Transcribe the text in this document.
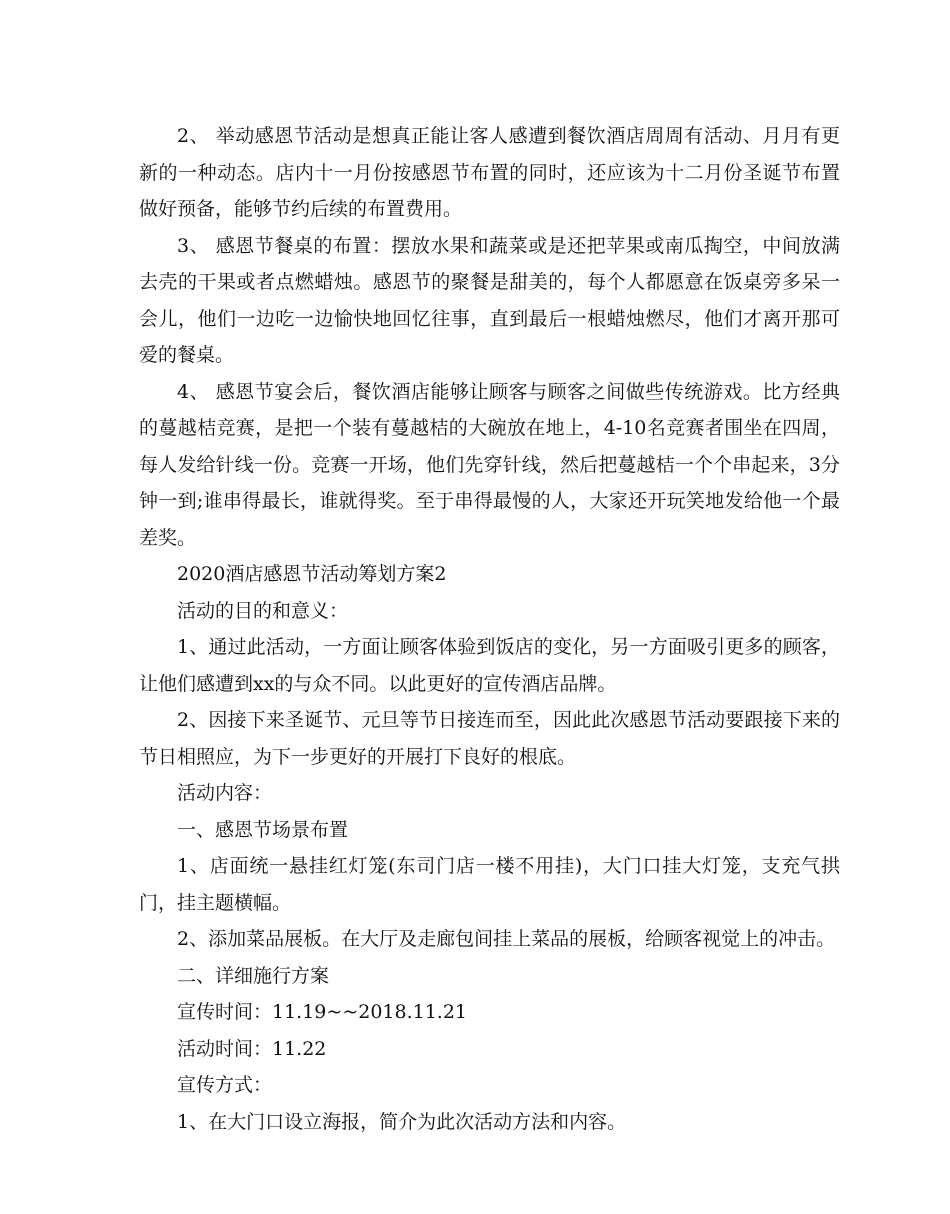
2、 举动感恩节活动是想真正能让客人感遭到餐饮酒店周周有活动、月月有更新的一种动态。店内十一月份按感恩节布置的同时，还应该为十二月份圣诞节布置做好预备，能够节约后续的布置费用。

3、 感恩节餐桌的布置：摆放水果和蔬菜或是还把苹果或南瓜掏空，中间放满去壳的干果或者点燃蜡烛。感恩节的聚餐是甜美的，每个人都愿意在饭桌旁多呆一会儿，他们一边吃一边愉快地回忆往事，直到最后一根蜡烛燃尽，他们才离开那可爱的餐桌。

4、 感恩节宴会后，餐饮酒店能够让顾客与顾客之间做些传统游戏。比方经典的蔓越桔竞赛，是把一个装有蔓越桔的大碗放在地上，4-10名竞赛者围坐在四周，每人发给针线一份。竞赛一开场，他们先穿针线，然后把蔓越桔一个个串起来，3分钟一到;谁串得最长，谁就得奖。至于串得最慢的人，大家还开玩笑地发给他一个最差奖。

2020酒店感恩节活动筹划方案2

活动的目的和意义：

1、通过此活动，一方面让顾客体验到饭店的变化，另一方面吸引更多的顾客，让他们感遭到xx的与众不同。以此更好的宣传酒店品牌。

2、因接下来圣诞节、元旦等节日接连而至，因此此次感恩节活动要跟接下来的节日相照应，为下一步更好的开展打下良好的根底。

活动内容：

一、感恩节场景布置

1、店面统一悬挂红灯笼(东司门店一楼不用挂)，大门口挂大灯笼，支充气拱门，挂主题横幅。

2、添加菜品展板。在大厅及走廊包间挂上菜品的展板，给顾客视觉上的冲击。

二、详细施行方案

宣传时间：11.19~~2018.11.21

活动时间：11.22

宣传方式：

1、在大门口设立海报，简介为此次活动方法和内容。
